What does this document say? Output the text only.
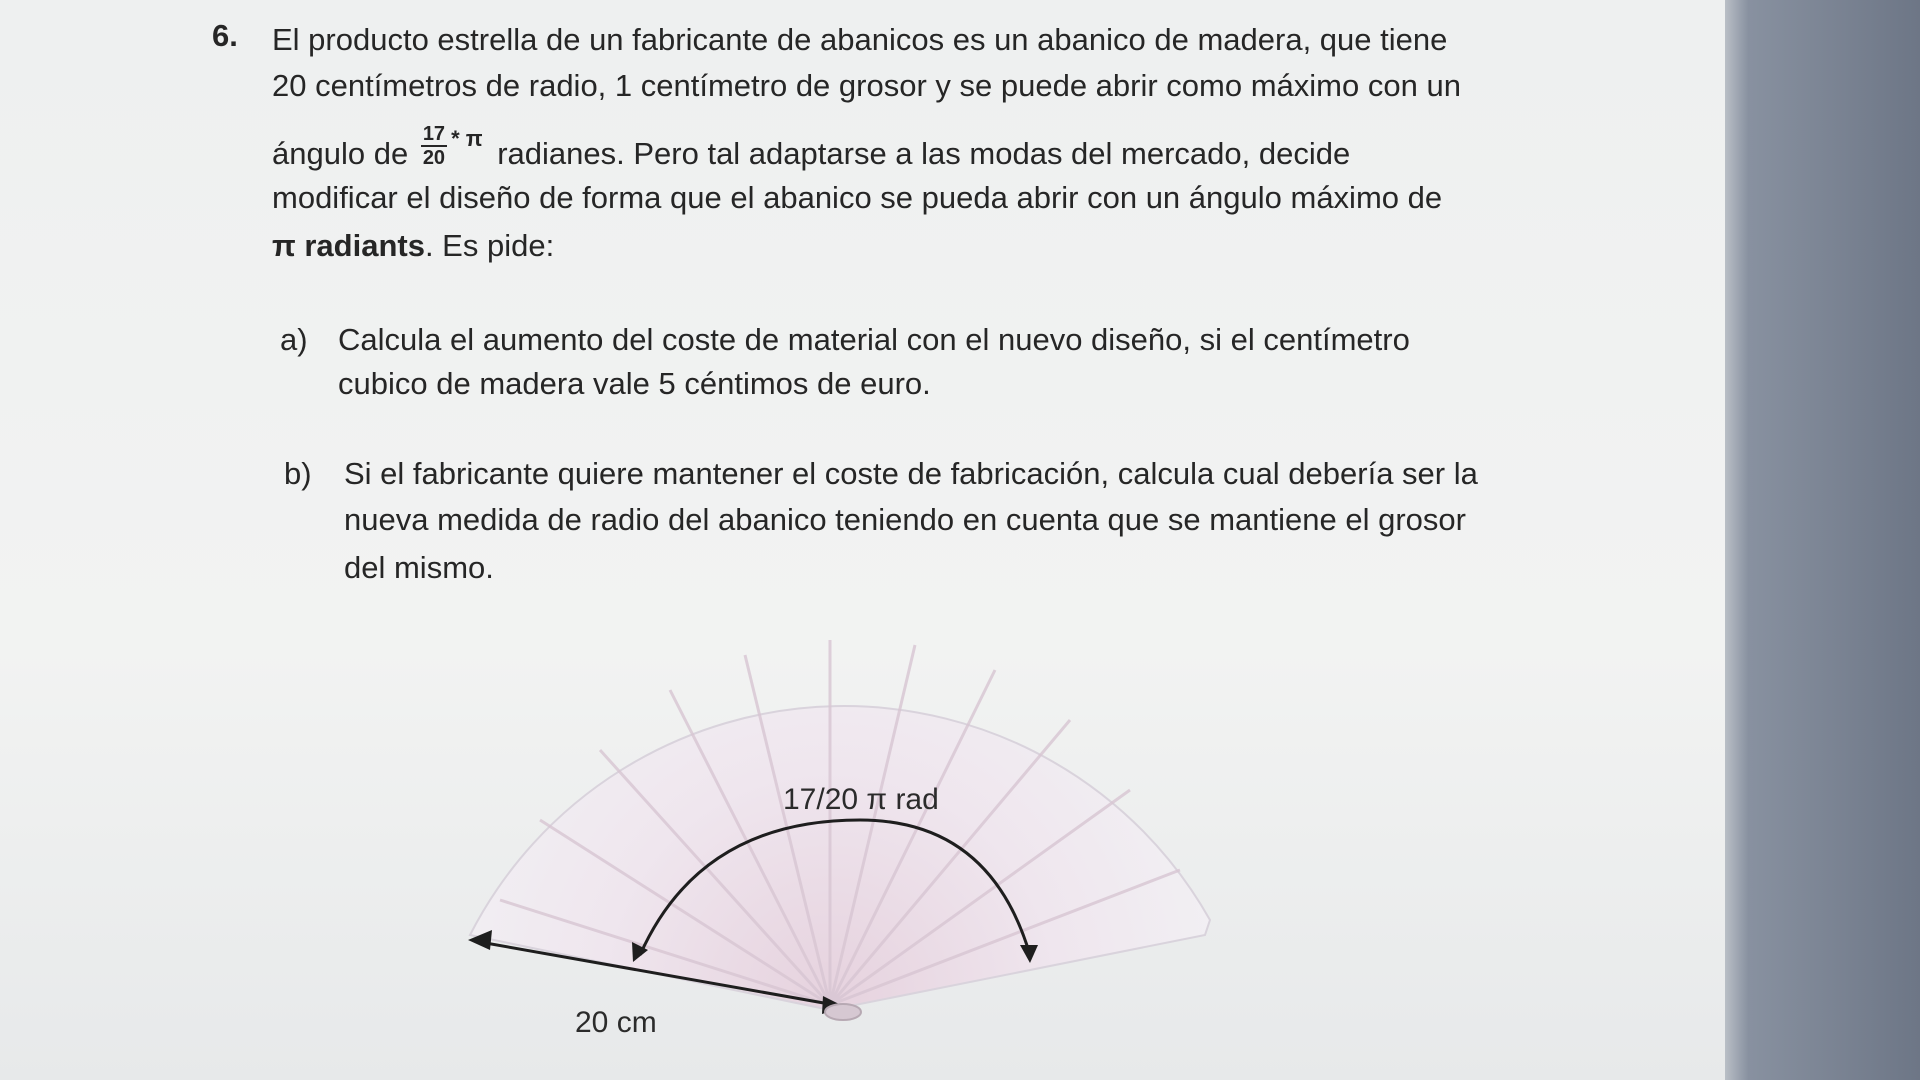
6. El producto estrella de un fabricante de abanicos es un abanico de madera, que tiene
20 centímetros de radio, 1 centímetro de grosor y se puede abrir como máximo con un
ángulo de $\frac{17}{20} ^{* \pi}$ radianes. Pero tal adaptarse a las modas del mercado, decide
modificar el diseño de forma que el abanico se pueda abrir con un ángulo máximo de
π radiants. Es pide:
a) Calcula el aumento del coste de material con el nuevo diseño, si el centímetro
cubico de madera vale 5 céntimos de euro.
b) Si el fabricante quiere mantener el coste de fabricación, calcula cual debería ser la
nueva medida de radio del abanico teniendo en cuenta que se mantiene el grosor
del mismo.
17/20 π rad
20 cm
